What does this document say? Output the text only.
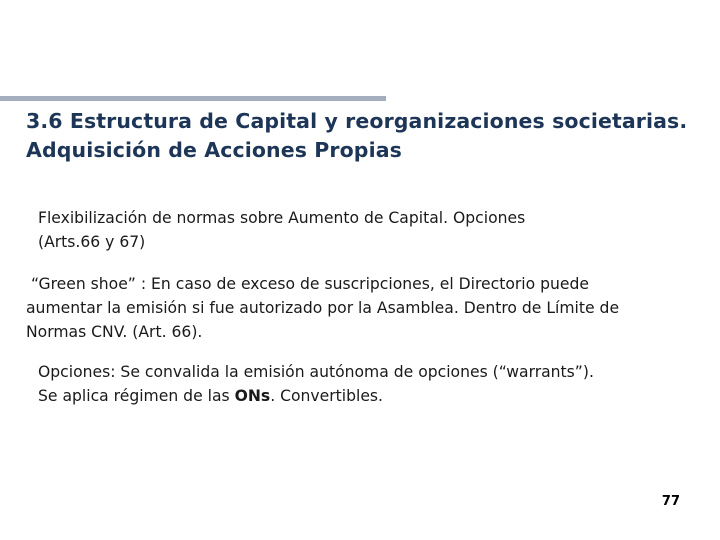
3.6 Estructura de Capital y reorganizaciones societarias. Adquisición de Acciones Propias

Flexibilización de normas sobre Aumento de Capital. Opciones
(Arts.66 y 67)

“Green shoe” : En caso de exceso de suscripciones, el Directorio puede
aumentar la emisión si fue autorizado por la Asamblea. Dentro de Límite de
Normas CNV. (Art. 66).

Opciones: Se convalida la emisión autónoma de opciones (“warrants”).
Se aplica régimen de las ONs. Convertibles.

77
